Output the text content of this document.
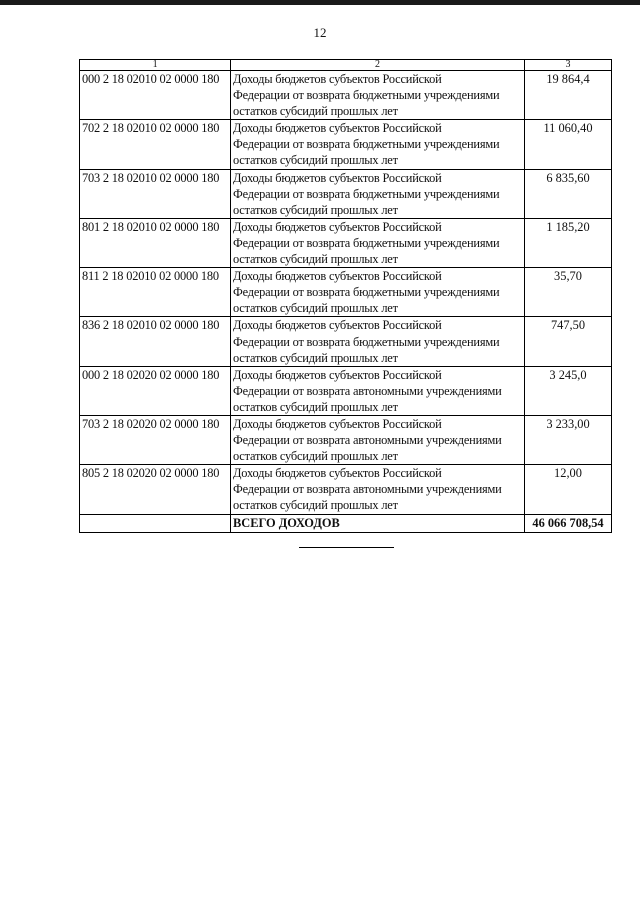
12
1	2	3
000 2 18 02010 02 0000 180	Доходы бюджетов субъектов Российской
Федерации от возврата бюджетными учреждениями
остатков субсидий прошлых лет	19 864,4
702 2 18 02010 02 0000 180	Доходы бюджетов субъектов Российской
Федерации от возврата бюджетными учреждениями
остатков субсидий прошлых лет	11 060,40
703 2 18 02010 02 0000 180	Доходы бюджетов субъектов Российской
Федерации от возврата бюджетными учреждениями
остатков субсидий прошлых лет	6 835,60
801 2 18 02010 02 0000 180	Доходы бюджетов субъектов Российской
Федерации от возврата бюджетными учреждениями
остатков субсидий прошлых лет	1 185,20
811 2 18 02010 02 0000 180	Доходы бюджетов субъектов Российской
Федерации от возврата бюджетными учреждениями
остатков субсидий прошлых лет	35,70
836 2 18 02010 02 0000 180	Доходы бюджетов субъектов Российской
Федерации от возврата бюджетными учреждениями
остатков субсидий прошлых лет	747,50
000 2 18 02020 02 0000 180	Доходы бюджетов субъектов Российской
Федерации от возврата автономными учреждениями
остатков субсидий прошлых лет	3 245,0
703 2 18 02020 02 0000 180	Доходы бюджетов субъектов Российской
Федерации от возврата автономными учреждениями
остатков субсидий прошлых лет	3 233,00
805 2 18 02020 02 0000 180	Доходы бюджетов субъектов Российской
Федерации от возврата автономными учреждениями
остатков субсидий прошлых лет	12,00
	ВСЕГО ДОХОДОВ	46 066 708,54
